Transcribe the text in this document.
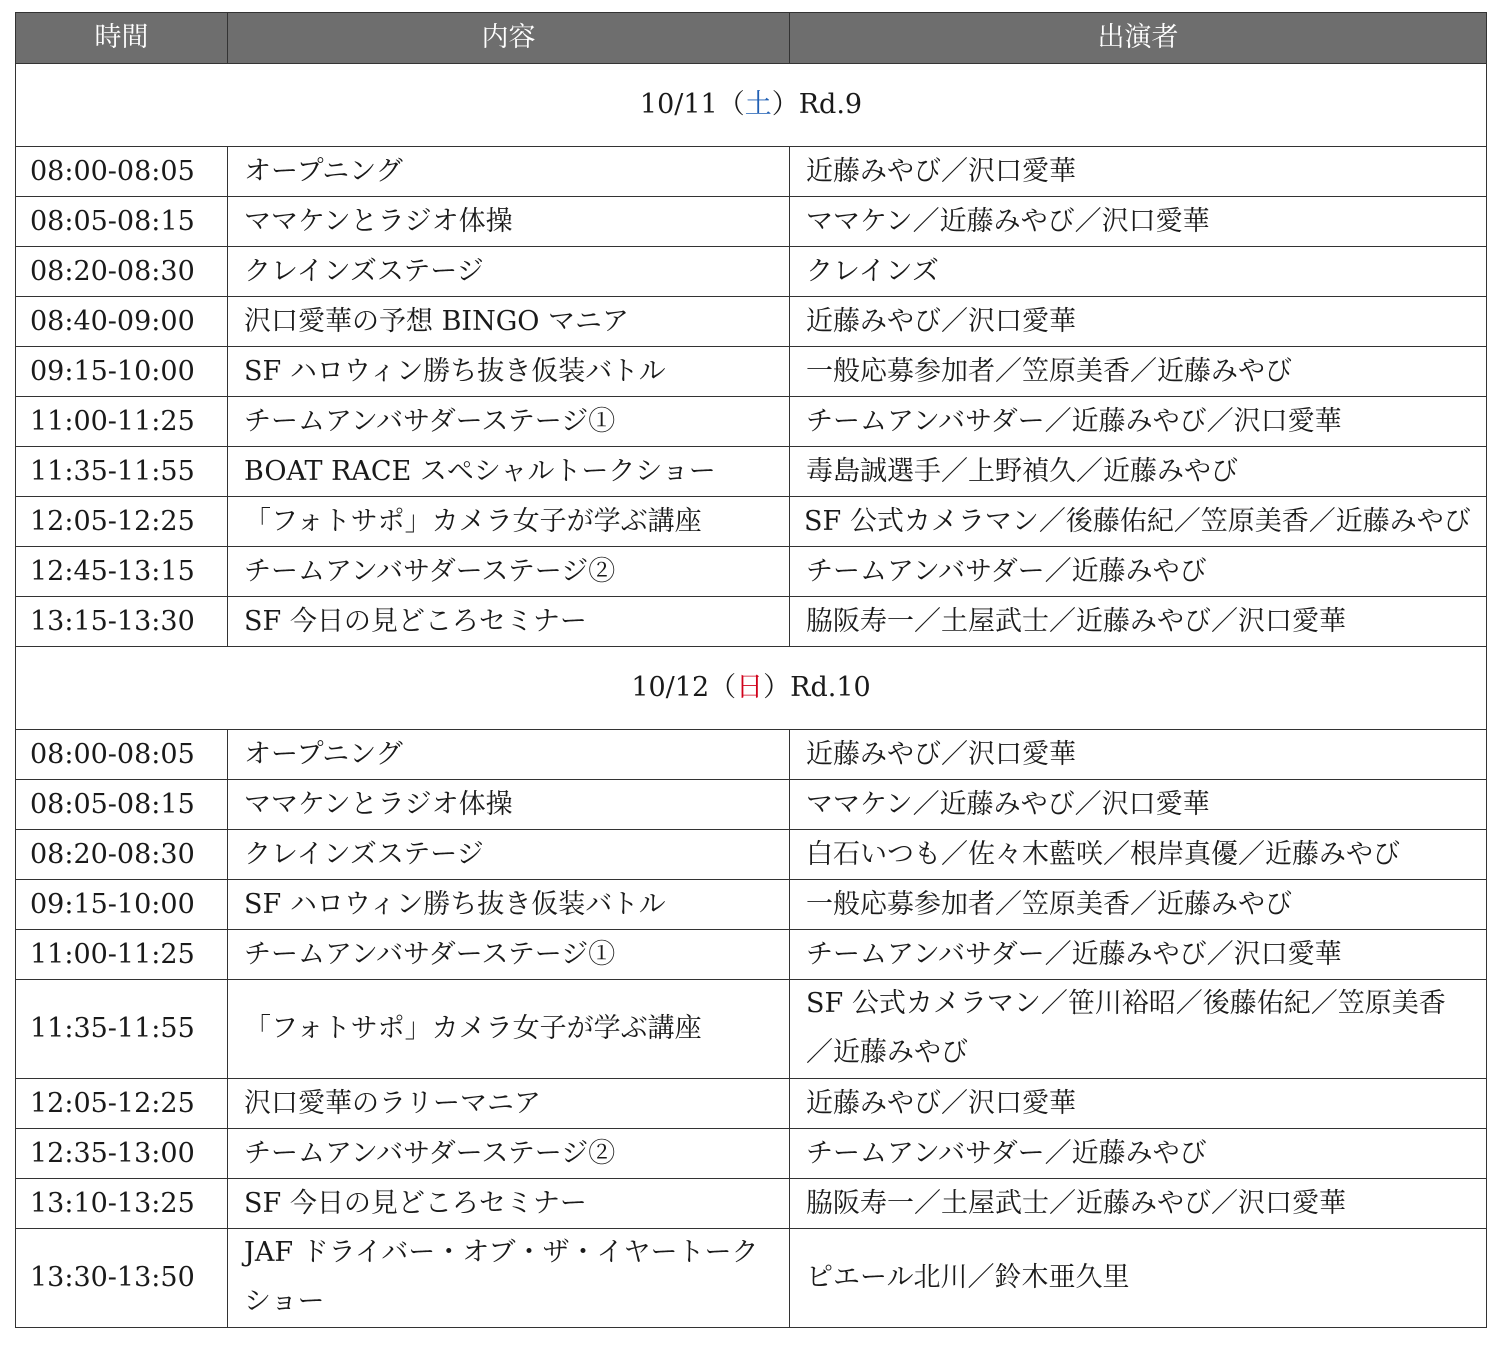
時間	内容	出演者
10/11（土）Rd.9		
08:00-08:05	オープニング	近藤みやび／沢口愛華
08:05-08:15	ママケンとラジオ体操	ママケン／近藤みやび／沢口愛華
08:20-08:30	クレインズステージ	クレインズ
08:40-09:00	沢口愛華の予想 BINGO マニア	近藤みやび／沢口愛華
09:15-10:00	SF ハロウィン勝ち抜き仮装バトル	一般応募参加者／笠原美香／近藤みやび
11:00-11:25	チームアンバサダーステージ①	チームアンバサダー／近藤みやび／沢口愛華
11:35-11:55	BOAT RACE スペシャルトークショー	毒島誠選手／上野禎久／近藤みやび
12:05-12:25	「フォトサポ」カメラ女子が学ぶ講座	SF 公式カメラマン／後藤佑紀／笠原美香／近藤みやび
12:45-13:15	チームアンバサダーステージ②	チームアンバサダー／近藤みやび
13:15-13:30	SF 今日の見どころセミナー	脇阪寿一／土屋武士／近藤みやび／沢口愛華
10/12（日）Rd.10		
08:00-08:05	オープニング	近藤みやび／沢口愛華
08:05-08:15	ママケンとラジオ体操	ママケン／近藤みやび／沢口愛華
08:20-08:30	クレインズステージ	白石いつも／佐々木藍咲／根岸真優／近藤みやび
09:15-10:00	SF ハロウィン勝ち抜き仮装バトル	一般応募参加者／笠原美香／近藤みやび
11:00-11:25	チームアンバサダーステージ①	チームアンバサダー／近藤みやび／沢口愛華
11:35-11:55	「フォトサポ」カメラ女子が学ぶ講座	SF 公式カメラマン／笹川裕昭／後藤佑紀／笠原美香／近藤みやび
12:05-12:25	沢口愛華のラリーマニア	近藤みやび／沢口愛華
12:35-13:00	チームアンバサダーステージ②	チームアンバサダー／近藤みやび
13:10-13:25	SF 今日の見どころセミナー	脇阪寿一／土屋武士／近藤みやび／沢口愛華
13:30-13:50	JAF ドライバー・オブ・ザ・イヤートークショー	ピエール北川／鈴木亜久里
